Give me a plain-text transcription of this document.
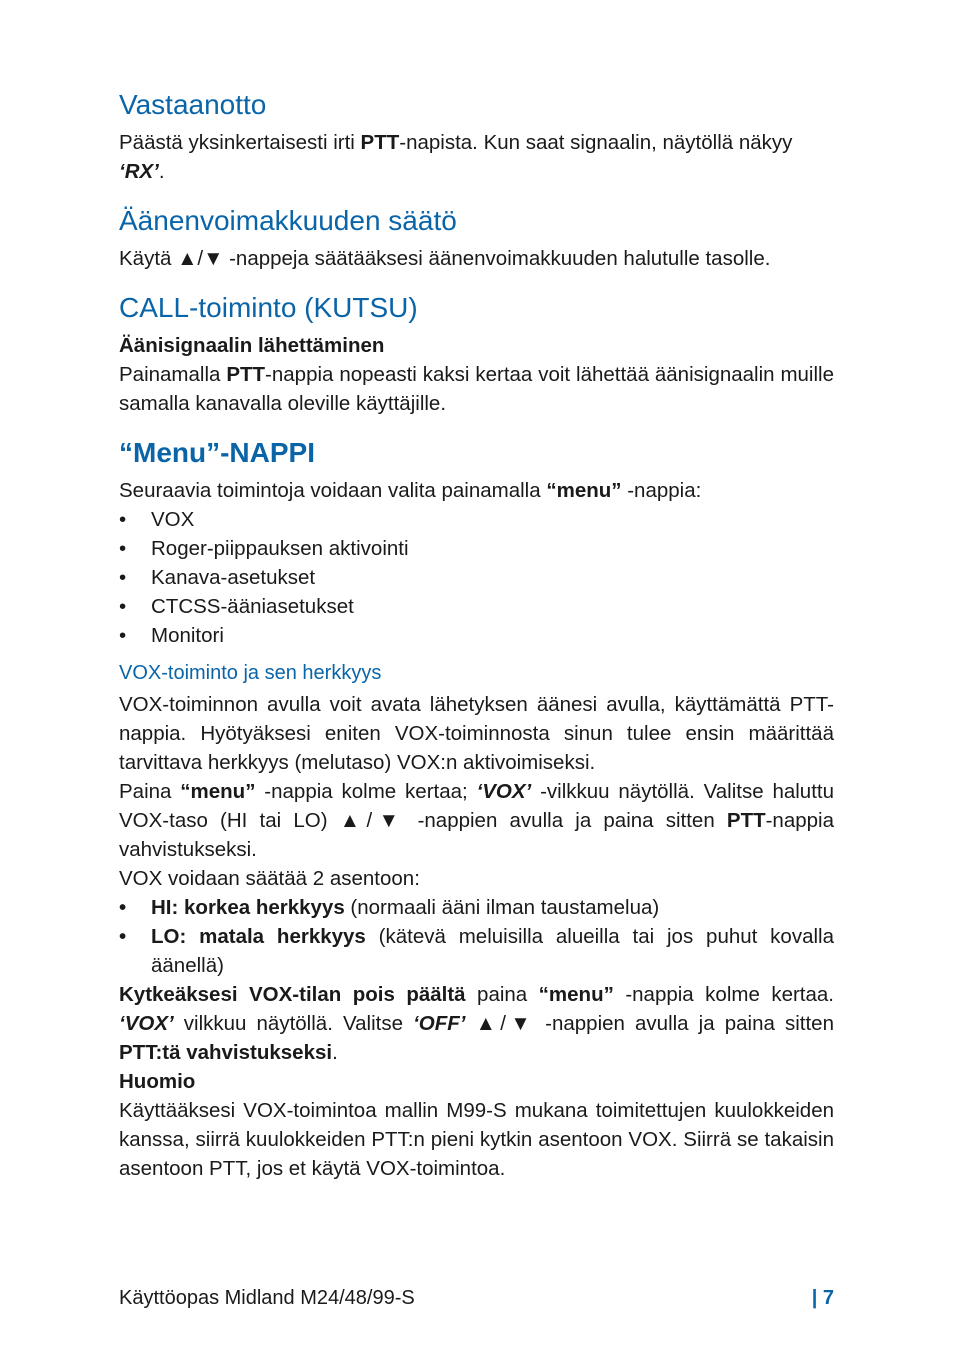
Vastaanotto

Päästä yksinkertaisesti irti PTT-napista. Kun saat signaalin, näytöllä näkyy ‘RX’.

Äänenvoimakkuuden säätö

Käytä ▲/▼ -nappeja säätääksesi äänenvoimakkuuden halutulle tasolle.

CALL-toiminto (KUTSU)

Äänisignaalin lähettäminen

Painamalla PTT-nappia nopeasti kaksi kertaa voit lähettää äänisignaalin muille samalla kanavalla oleville käyttäjille.

“Menu”-NAPPI

Seuraavia toimintoja voidaan valita painamalla “menu” -nappia:

•	VOX
•	Roger-piippauksen aktivointi
•	Kanava-asetukset
•	CTCSS-ääniasetukset
•	Monitori
VOX-toiminto ja sen herkkyys

VOX-toiminnon avulla voit avata lähetyksen äänesi avulla, käyttämättä PTT-nappia. Hyötyäksesi eniten VOX-toiminnosta sinun tulee ensin määrittää tarvittava herkkyys (melutaso) VOX:n aktivoimiseksi.

Paina “menu” -nappia kolme kertaa; ‘VOX’ -vilkkuu näytöllä. Valitse haluttu VOX-taso (HI tai LO) ▲/▼ -nappien avulla ja paina sitten PTT-nappia vahvistukseksi.

VOX voidaan säätää 2 asentoon:

•	HI: korkea herkkyys (normaali ääni ilman taustamelua)
•	LO: matala herkkyys (kätevä meluisilla alueilla tai jos puhut kovalla äänellä)

Kytkeäksesi VOX-tilan pois päältä paina “menu” -nappia kolme kertaa. ‘VOX’ vilkkuu näytöllä. Valitse ‘OFF’ ▲/▼ -nappien avulla ja paina sitten PTT:tä vahvistukseksi.

Huomio

Käyttääksesi VOX-toimintoa mallin M99-S mukana toimitettujen kuulokkeiden kanssa, siirrä kuulokkeiden PTT:n pieni kytkin asentoon VOX. Siirrä se takaisin asentoon PTT, jos et käytä VOX-toimintoa.

Käyttöopas Midland M24/48/99-S	| 7
